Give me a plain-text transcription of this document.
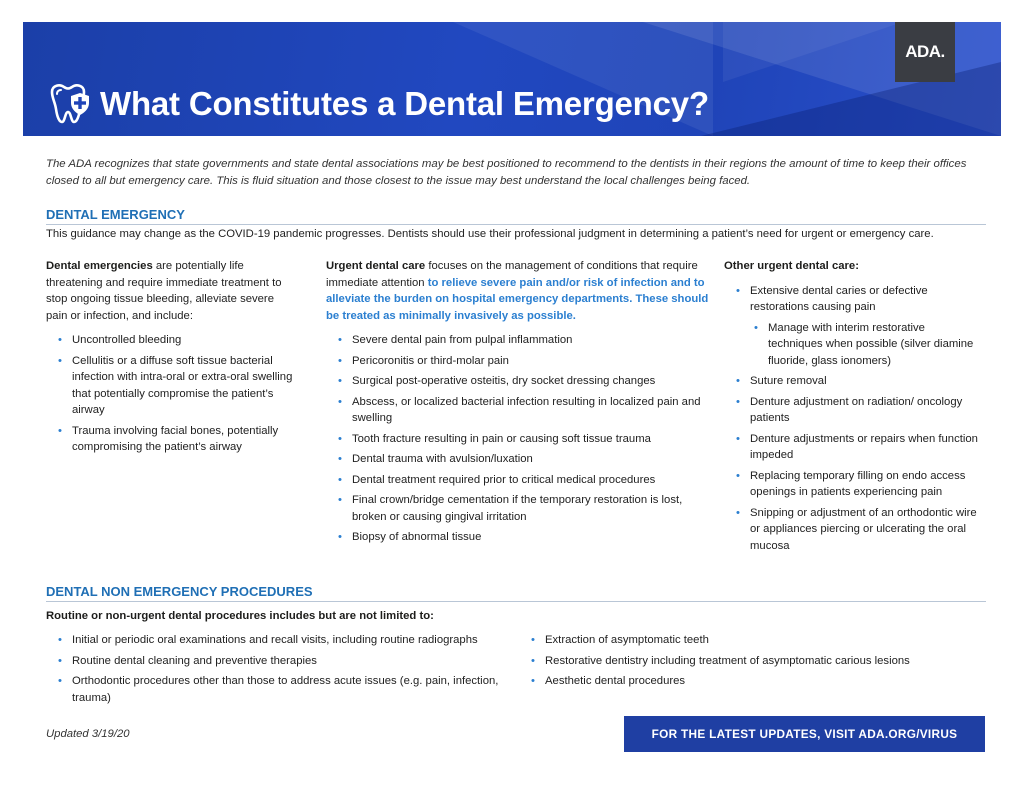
ADA.
What Constitutes a Dental Emergency?
The ADA recognizes that state governments and state dental associations may be best positioned to recommend to the dentists in their regions the amount of time to keep their offices closed to all but emergency care. This is fluid situation and those closest to the issue may best understand the local challenges being faced.
DENTAL EMERGENCY
This guidance may change as the COVID-19 pandemic progresses. Dentists should use their professional judgment in determining a patient’s need for urgent or emergency care.

Dental emergencies are potentially life threatening and require immediate treatment to stop ongoing tissue bleeding, alleviate severe pain or infection, and include:

• Uncontrolled bleeding
• Cellulitis or a diffuse soft tissue bacterial infection with intra-oral or extra-oral swelling that potentially compromise the patient’s airway
• Trauma involving facial bones, potentially compromising the patient’s airway

Urgent dental care focuses on the management of conditions that require immediate attention to relieve severe pain and/or risk of infection and to alleviate the burden on hospital emergency departments. These should be treated as minimally invasively as possible.

• Severe dental pain from pulpal inflammation
• Pericoronitis or third-molar pain
• Surgical post-operative osteitis, dry socket dressing changes
• Abscess, or localized bacterial infection resulting in localized pain and swelling
• Tooth fracture resulting in pain or causing soft tissue trauma
• Dental trauma with avulsion/luxation
• Dental treatment required prior to critical medical procedures
• Final crown/bridge cementation if the temporary restoration is lost, broken or causing gingival irritation
• Biopsy of abnormal tissue

Other urgent dental care:

• Extensive dental caries or defective restorations causing pain
• Manage with interim restorative techniques when possible (silver diamine fluoride, glass ionomers)
• Suture removal
• Denture adjustment on radiation/ oncology patients
• Denture adjustments or repairs when function impeded
• Replacing temporary filling on endo access openings in patients experiencing pain
• Snipping or adjustment of an orthodontic wire or appliances piercing or ulcerating the oral mucosa
DENTAL NON EMERGENCY PROCEDURES
Routine or non-urgent dental procedures includes but are not limited to:
• Initial or periodic oral examinations and recall visits, including routine radiographs
• Routine dental cleaning and preventive therapies
• Orthodontic procedures other than those to address acute issues (e.g. pain, infection, trauma)
• Extraction of asymptomatic teeth
• Restorative dentistry including treatment of asymptomatic carious lesions
• Aesthetic dental procedures
Updated 3/19/20	FOR THE LATEST UPDATES, VISIT ADA.ORG/VIRUS
